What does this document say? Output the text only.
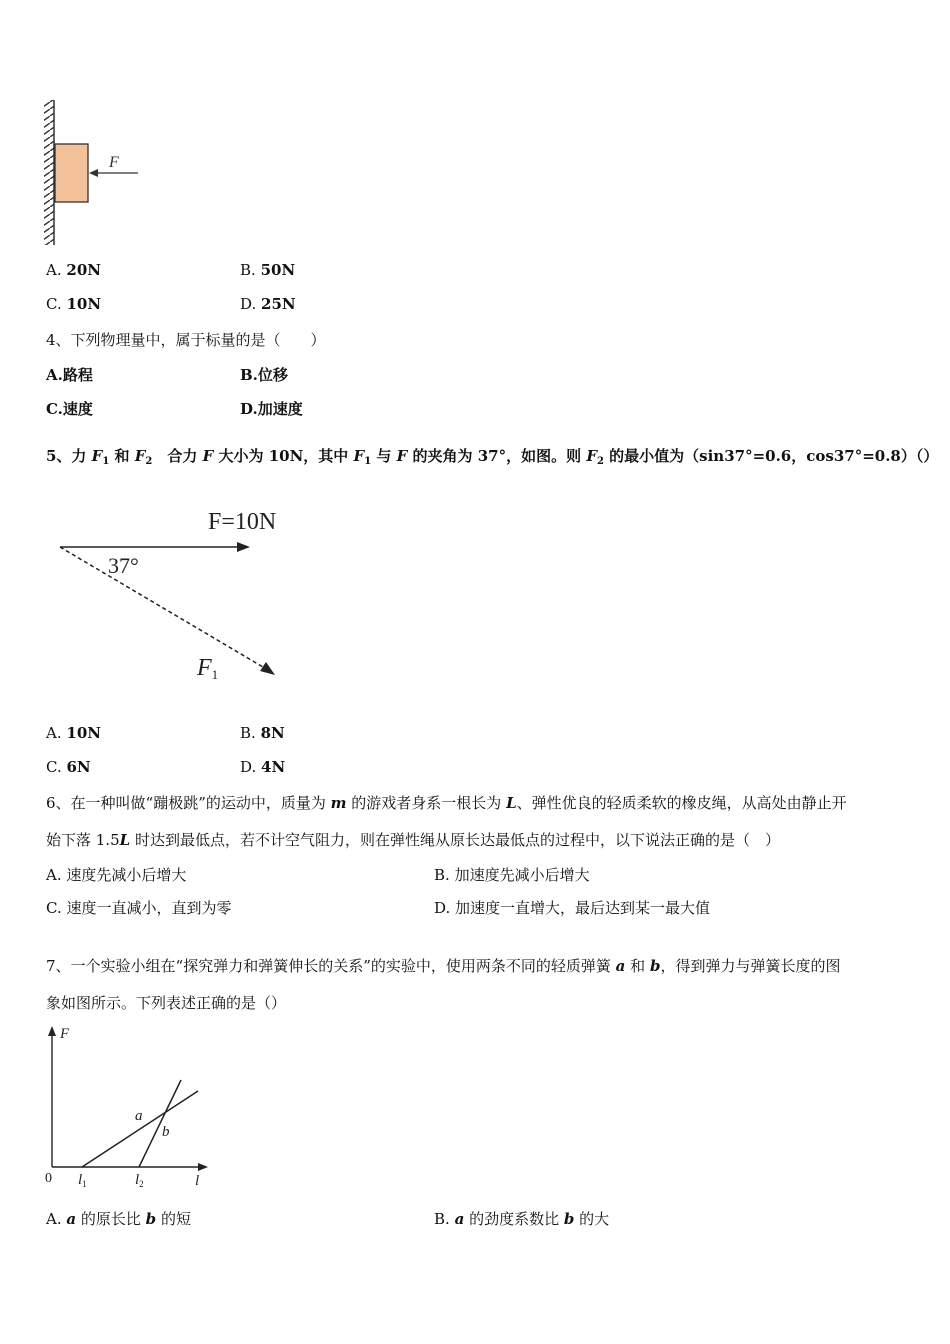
F
A. 20N	B. 50N
C. 10N	D. 25N
4、下列物理量中，属于标量的是（　　）
A.路程	B.位移
C.速度	D.加速度
5、力 $F_1$ 和 $F_2$　合力 F 大小为 10N，其中 $F_1$ 与 F 的夹角为 37°，如图。则 $F_2$ 的最小值为（sin37°=0.6，cos37°=0.8）（）
F=10N
37°
F1
A. 10N	B. 8N
C. 6N	D. 4N
6、在一种叫做“蹦极跳”的运动中，质量为 m 的游戏者身系一根长为 L、弹性优良的轻质柔软的橡皮绳，从高处由静止开
始下落 1.5L 时达到最低点，若不计空气阻力，则在弹性绳从原长达最低点的过程中，以下说法正确的是（　）
A. 速度先减小后增大	B. 加速度先减小后增大
C. 速度一直减小，直到为零	D. 加速度一直增大，最后达到某一最大值
7、一个实验小组在“探究弹力和弹簧伸长的关系”的实验中，使用两条不同的轻质弹簧 a 和 b，得到弹力与弹簧长度的图
象如图所示。下列表述正确的是（）
F
l
0
a
b
$l_1$	$l_2$
A. a 的原长比 b 的短	B. a 的劲度系数比 b 的大
